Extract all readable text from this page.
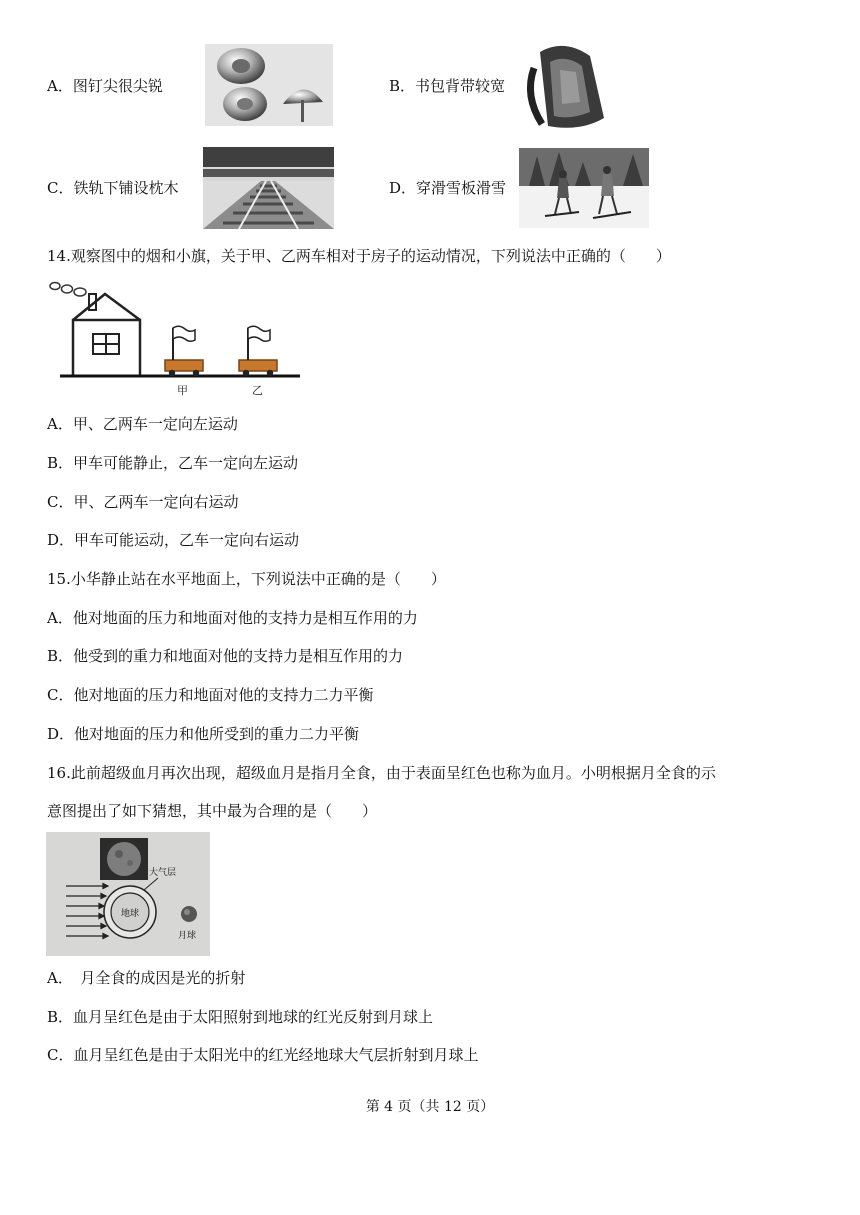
A．图钉尖很尖锐	B．书包背带较宽
C．铁轨下铺设枕木	D．穿滑雪板滑雪
14.观察图中的烟和小旗，关于甲、乙两车相对于房子的运动情况，下列说法中正确的（　　）
甲	乙
A．甲、乙两车一定向左运动
B．甲车可能静止，乙车一定向左运动
C．甲、乙两车一定向右运动
D．甲车可能运动，乙车一定向右运动
15.小华静止站在水平地面上，下列说法中正确的是（　　）
A．他对地面的压力和地面对他的支持力是相互作用的力
B．他受到的重力和地面对他的支持力是相互作用的力
C．他对地面的压力和地面对他的支持力二力平衡
D．他对地面的压力和他所受到的重力二力平衡
16.此前超级血月再次出现，超级血月是指月全食，由于表面呈红色也称为血月。小明根据月全食的示
意图提出了如下猜想，其中最为合理的是（　　）
大气层
地球
月球
A．　月全食的成因是光的折射
B．血月呈红色是由于太阳照射到地球的红光反射到月球上
C．血月呈红色是由于太阳光中的红光经地球大气层折射到月球上
第 4 页（共 12 页）
